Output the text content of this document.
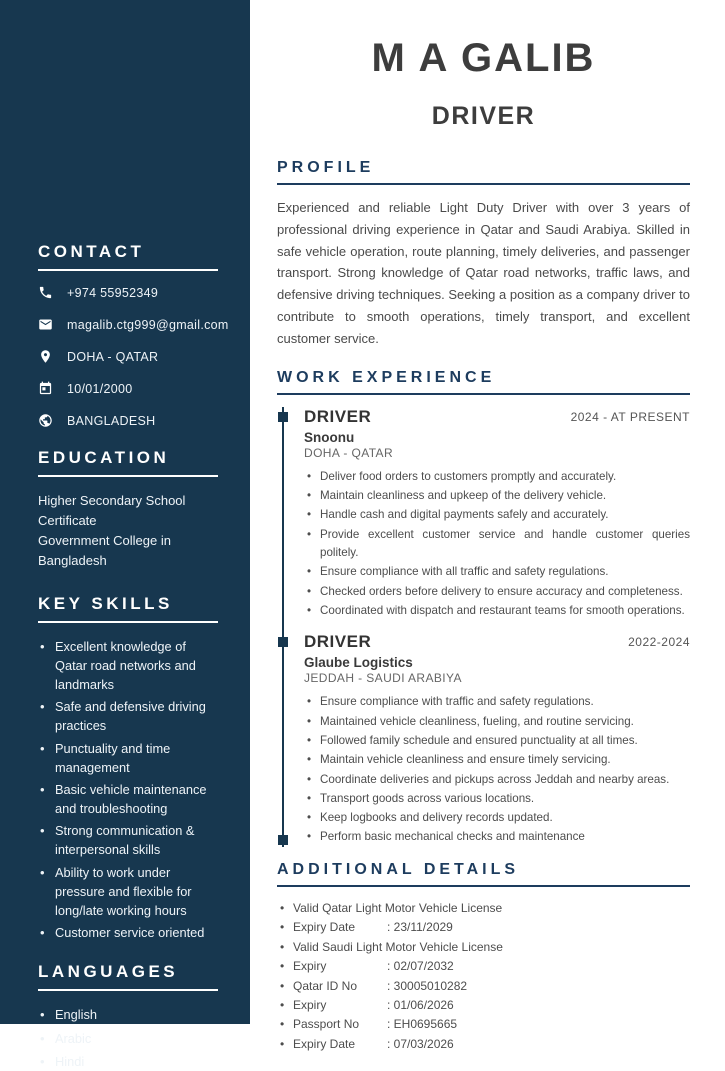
CONTACT
+974 55952349
magalib.ctg999@gmail.com
DOHA - QATAR
10/01/2000
BANGLADESH
EDUCATION
Higher Secondary School
Certificate
Government College in
Bangladesh
KEY SKILLS
• Excellent knowledge of Qatar road networks and landmarks
• Safe and defensive driving practices
• Punctuality and time management
• Basic vehicle maintenance and troubleshooting
• Strong communication & interpersonal skills
• Ability to work under pressure and flexible for long/late working hours
• Customer service oriented
LANGUAGES
• English
• Arabic
• Hindi
M A GALIB
DRIVER
PROFILE

Experienced and reliable Light Duty Driver with over 3 years of professional driving experience in Qatar and Saudi Arabiya. Skilled in safe vehicle operation, route planning, timely deliveries, and passenger transport. Strong knowledge of Qatar road networks, traffic laws, and defensive driving techniques. Seeking a position as a company driver to contribute to smooth operations, timely transport, and excellent customer service.

WORK EXPERIENCE
DRIVER	2024 - AT PRESENT
Snoonu
DOHA - QATAR
• Deliver food orders to customers promptly and accurately.
• Maintain cleanliness and upkeep of the delivery vehicle.
• Handle cash and digital payments safely and accurately.
• Provide excellent customer service and handle customer queries politely.
• Ensure compliance with all traffic and safety regulations.
• Checked orders before delivery to ensure accuracy and completeness.
• Coordinated with dispatch and restaurant teams for smooth operations.
DRIVER	2022-2024
Glaube Logistics
JEDDAH - SAUDI ARABIYA
• Ensure compliance with traffic and safety regulations.
• Maintained vehicle cleanliness, fueling, and routine servicing.
• Followed family schedule and ensured punctuality at all times.
• Maintain vehicle cleanliness and ensure timely servicing.
• Coordinate deliveries and pickups across Jeddah and nearby areas.
• Transport goods across various locations.
• Keep logbooks and delivery records updated.
• Perform basic mechanical checks and maintenance
ADDITIONAL DETAILS
• Valid Qatar Light Motor Vehicle License
• Expiry Date	: 23/11/2029
• Valid Saudi Light Motor Vehicle License
• Expiry	: 02/07/2032
• Qatar ID No : 30005010282
• Expiry	: 01/06/2026
• Passport No : EH0695665
• Expiry Date	: 07/03/2026
